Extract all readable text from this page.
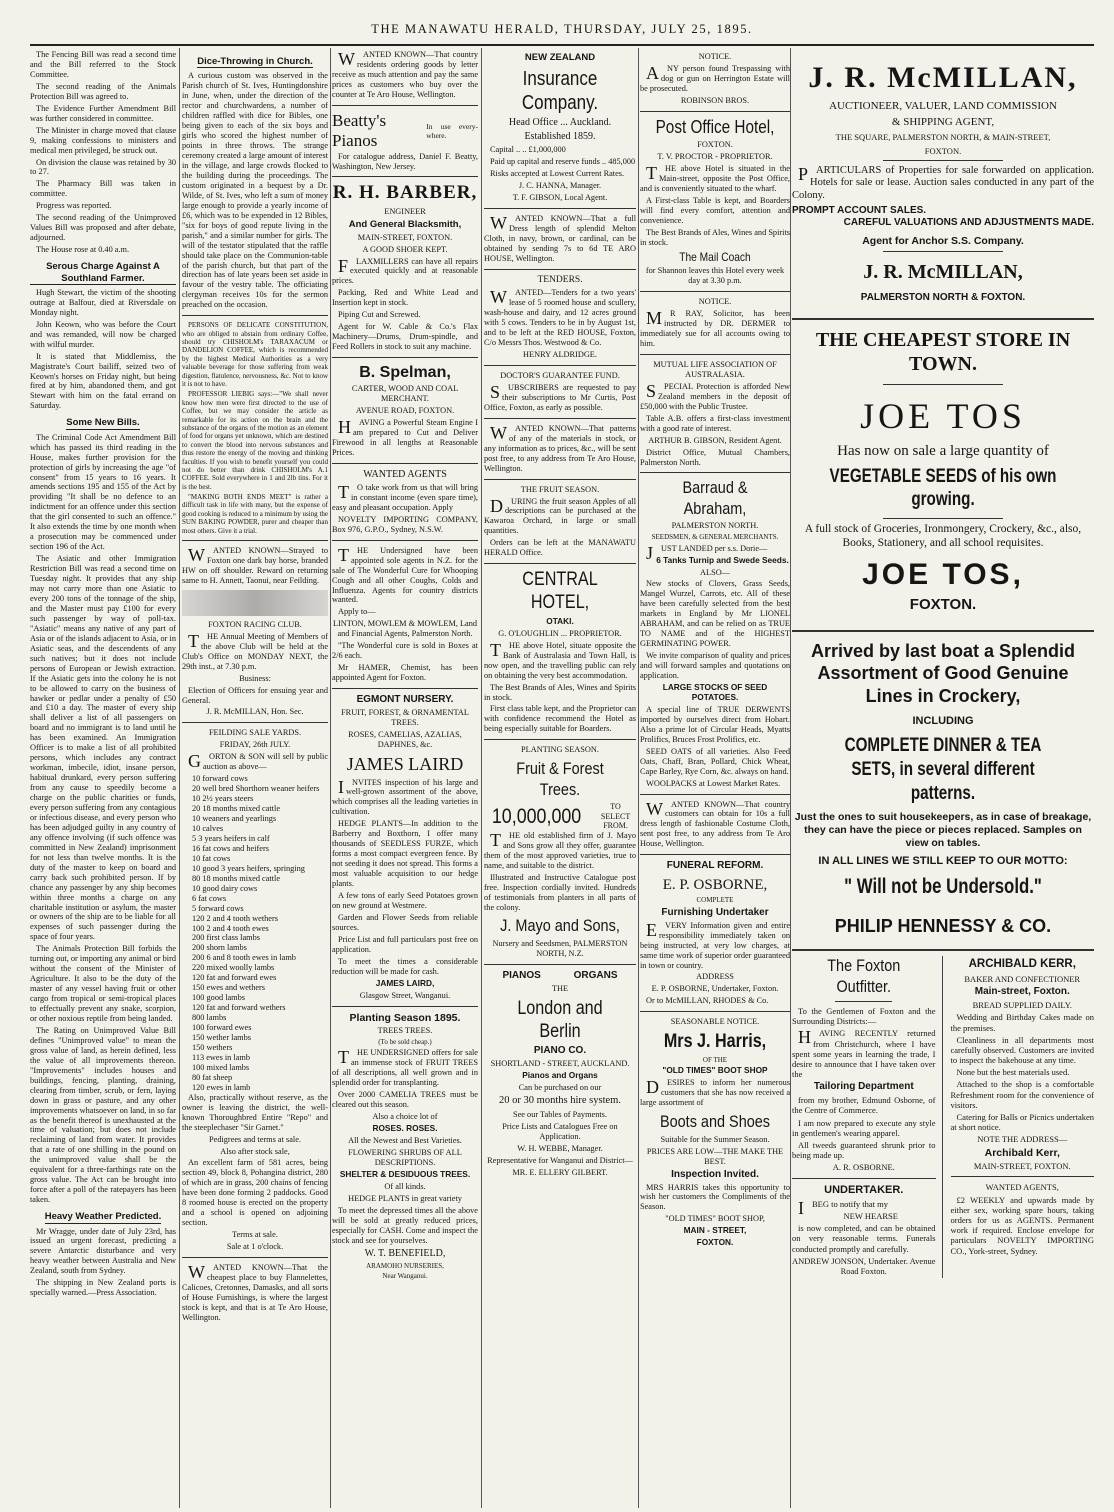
THE MANAWATU HERALD, THURSDAY, JULY 25, 1895.

The Fencing Bill was read a second time and the Bill referred to the Stock Committee.

The second reading of the Animals Protection Bill was agreed to.

The Evidence Further Amendment Bill was further considered in committee.

The Minister in charge moved that clause 9, making confessions to ministers and medical men privileged, be struck out.

On division the clause was retained by 30 to 27.

The Pharmacy Bill was taken in committee.

Progress was reported.

The second reading of the Unimproved Values Bill was proposed and after debate, adjourned.

The House rose at 0.40 a.m.

Serous Charge Against A Southland Farmer.

Hugh Stewart, the victim of the shooting outrage at Balfour, died at Riversdale on Monday night.

John Keown, who was before the Court and was remanded, will now be charged with wilful murder.

It is stated that Middlemiss, the Magistrate's Court bailiff, seized two of Keown's horses on Friday night, but being fired at by him, abandoned them, and got Stewart with him on the fatal errand on Saturday.

Some New Bills.

The Criminal Code Act Amendment Bill which has passed its third reading in the House, makes further provision for the protection of girls by increasing the age "of consent" from 15 years to 16 years. It amends sections 195 and 155 of the Act by providing "It shall be no defence to an indictment for an offence under this section that the girl consented to such an offence." It also extends the time by one month when a prosecution may be commenced under section 196 of the Act.

The Asiatic and other Immigration Restriction Bill was read a second time on Tuesday night. It provides that any ship may not carry more than one Asiatic to every 200 tons of the tonnage of the ship, and the Master must pay £100 for every such passenger by way of poll-tax. "Asiatic" means any native of any part of Asia or of the islands adjacent to Asia, or in Asiatic seas, and the descendents of any such natives; but it does not include persons of European or Jewish extraction. If the Asiatic gets into the colony he is not to be allowed to carry on the business of hawker or pedlar under a penalty of £50 and £10 a day. The master of every ship shall deliver a list of all passengers on board and no immigrant is to land until he has been examined. An Immigration Officer is to make a list of all prohibited persons, which includes any contract workman, imbecile, idiot, insane person, habitual drunkard, every person suffering from any cause to speedily become a charge on the public charities or funds, every person suffering from any contagious or infectious disease, and every person who has been adjudged guilty in any country of any offence involving (if such offence was committed in New Zealand) imprisonment for not less than twelve months. It is the duty of the master to keep on board and carry back such prohibited person. If by chance any passenger by any ship becomes within three months a charge on any charitable institution or asylum, the master or owners of the ship are to be liable for all expenses of such passenger during the space of four years.

The Animals Protection Bill forbids the turning out, or importing any animal or bird without the consent of the Minister of Agriculture. It also to be the duty of the master of any vessel having fruit or other cargo from tropical or semi-tropical places to effectually prevent any snake, scorpion, or other noxious reptile from being landed.

The Rating on Unimproved Value Bill defines "Unimproved value" to mean the gross value of land, as herein defined, less the value of all improvements thereon. "Improvements" includes houses and buildings, fencing, planting, draining, clearing from timber, scrub, or fern, laying down in grass or pasture, and any other improvements whatsoever on land, in so far as the benefit thereof is unexhausted at the time of valuation; but does not include reclaiming of land from water. It provides that a rate of one shilling in the pound on the unimproved value shall be the equivalent for a three-farthings rate on the gross value. The Act can be brought into force after a poll of the ratepayers has been taken.

Heavy Weather Predicted.

Mr Wragge, under date of July 23rd, has issued an urgent forecast, predicting a severe Antarctic disturbance and very heavy weather between Australia and New Zealand, south from Sydney.

The shipping in New Zealand ports is specially warned.—Press Association.

Dice-Throwing in Church.

A curious custom was observed in the Parish church of St. Ives, Huntingdonshire in June, when, under the direction of the rector and churchwardens, a number of children raffled with dice for Bibles, one being given to each of the six boys and girls who scored the highest number of points in three throws. The strange ceremony created a large amount of interest in the village, and large crowds flocked to the building during the proceedings. The custom originated in a bequest by a Dr. Wilde, of St. Ives, who left a sum of money large enough to provide a yearly income of £6, which was to be expended in 12 Bibles, "six for boys of good repute living in the parish," and a similar number for girls. The will of the testator stipulated that the raffle should take place on the Communion-table of the parish church, but that part of the direction has of late years been set aside in favour of the vestry table. The officiating clergyman receives 10s for the sermon preached on the occasion.

PERSONS OF DELICATE CONSTITUTION, who are obliged to abstain from ordinary Coffee, should try CHISHOLM's TARAXACUM or DANDELION COFFEE, which is recommended by the highest Medical Authorities as a very valuable beverage for those suffering from weak digestion, flatulence, nervousness, &c. Not to know it is not to have.

PROFESSOR LIEBIG says:—"We shall never know how men were first directed to the use of Coffee, but we may consider the article as remarkable for its action on the brain and the substance of the organs of the motion as an element of food for organs yet unknown, which are destined to convert the blood into nervous substances and thus restore the energy of the moving and thinking faculties. If you wish to benefit yourself you could not do better than drink CHISHOLM's A.1 COFFEE. Sold everywhere in 1 and 2lb tins. For it is the best.

"MAKING BOTH ENDS MEET" is rather a difficult task in life with many, but the expense of good cooking is reduced to a minimum by using the SUN BAKING POWDER, purer and cheaper than most others. Give it a trial.

WANTED KNOWN—Strayed to Foxton one dark bay horse, branded HW on off shoulder. Reward on returning same to H. Annett, Taonui, near Feilding.

FOXTON RACING CLUB.

THE Annual Meeting of Members of the above Club will be held at the Club's Office on MONDAY NEXT, the 29th inst., at 7.30 p.m.

Business:

Election of Officers for ensuing year and General.

J. R. McMILLAN, Hon. Sec.
FEILDING SALE YARDS.
FRIDAY, 26th JULY.

GORTON & SON will sell by public auction as above—

10 forward cows
20 well bred Shorthorn weaner heifers
10 2½ years steers
20 18 months mixed cattle
10 weaners and yearlings
10 calves
5 3 years heifers in calf
16 fat cows and heifers
10 fat cows
10 good 3 years heifers, springing
80 18 months mixed cattle
10 good dairy cows
6 fat cows
5 forward cows
120 2 and 4 tooth wethers
100 2 and 4 tooth ewes
200 first class lambs
200 shorn lambs
200 6 and 8 tooth ewes in lamb
220 mixed woolly lambs
120 fat and forward ewes
150 ewes and wethers
100 good lambs
120 fat and forward wethers
800 lambs
100 forward ewes
150 wether lambs
150 wethers
113 ewes in lamb
100 mixed lambs
80 fat sheep
120 ewes in lamb

Also, practically without reserve, as the owner is leaving the district, the well-known Thoroughbred Entire "Repo" and the steeplechaser "Sir Garnet."

Pedigrees and terms at sale.
Also after stock sale,

An excellent farm of 581 acres, being section 49, block 8, Pohangina district, 280 of which are in grass, 200 chains of fencing have been done forming 2 paddocks. Good 8 roomed house is erected on the property and a school is opened on adjoining section.

Terms at sale.
Sale at 1 o'clock.

WANTED KNOWN—That the cheapest place to buy Flannelettes, Calicoes, Cretonnes, Damasks, and all sorts of House Furnishings, is where the largest stock is kept, and that is at Te Aro House, Wellington.

WANTED KNOWN—That country residents ordering goods by letter receive as much attention and pay the same prices as customers who buy over the counter at Te Aro House, Wellington.

Beatty's Pianos
In use every-where.

For catalogue address, Daniel F. Beatty, Washington, New Jersey.

R. H. BARBER,
ENGINEER
And General Blacksmith,
MAIN-STREET, FOXTON.
A GOOD SHOER KEPT.

FLAXMILLERS can have all repairs executed quickly and at reasonable prices.

Packing, Red and White Lead and Insertion kept in stock.

Piping Cut and Screwed.

Agent for W. Cable & Co.'s Flax Machinery—Drums, Drum-spindle, and Feed Rollers in stock to suit any machine.

B. Spelman,
CARTER, WOOD AND COAL MERCHANT.
AVENUE ROAD, FOXTON.

HAVING a Powerful Steam Engine I am prepared to Cut and Deliver Firewood in all lengths at Reasonable Prices.

WANTED AGENTS

TO take work from us that will bring in constant income (even spare time), easy and pleasant occupation. Apply

NOVELTY IMPORTING COMPANY, Box 976, G.P.O., Sydney, N.S.W.

THE Undersigned have been appointed sole agents in N.Z. for the sale of The Wonderful Cure for Whooping Cough and all other Coughs, Colds and Influenza. Agents for country districts wanted.

Apply to—

LINTON, MOWLEM & MOWLEM, Land and Financial Agents, Palmerston North.

"The Wonderful cure is sold in Boxes at 2/6 each.

Mr HAMER, Chemist, has been appointed Agent for Foxton.

EGMONT NURSERY.
FRUIT, FOREST, & ORNAMENTAL TREES.
ROSES, CAMELIAS, AZALIAS, DAPHNES, &c.
JAMES LAIRD

INVITES inspection of his large and well-grown assortment of the above, which comprises all the leading varieties in cultivation.

HEDGE PLANTS—In addition to the Barberry and Boxthorn, I offer many thousands of SEEDLESS FURZE, which forms a most compact evergreen fence. By not seeding it does not spread. This forms a most valuable acquisition to our hedge plants.

A few tons of early Seed Potatoes grown on new ground at Westmere.

Garden and Flower Seeds from reliable sources.

Price List and full particulars post free on application.

To meet the times a considerable reduction will be made for cash.

JAMES LAIRD,
Glasgow Street, Wanganui.
Planting Season 1895.
TREES TREES.
(To be sold cheap.)

THE UNDERSIGNED offers for sale an immense stock of FRUIT TREES of all descriptions, all well grown and in splendid order for transplanting.

Over 2000 CAMELIA TREES must be cleared out this season.

Also a choice lot of
ROSES. ROSES.
All the Newest and Best Varieties.
FLOWERING SHRUBS OF ALL DESCRIPTIONS.
SHELTER & DESIDUOUS TREES.
Of all kinds.
HEDGE PLANTS in great variety

To meet the depressed times all the above will be sold at greatly reduced prices, especially for CASH. Come and inspect the stock and see for yourselves.

W. T. BENEFIELD,
ARAMOHO NURSERIES,
Near Wanganui.
NEW ZEALAND
Insurance Company.
Head Office ... Auckland.
Established 1859.

Capital .. .. £1,000,000

Paid up capital and reserve funds .. 485,000

Risks accepted at Lowest Current Rates.

J. C. HANNA, Manager.
T. F. GIBSON, Local Agent.

WANTED KNOWN—That a full Dress length of splendid Melton Cloth, in navy, brown, or cardinal, can be obtained by sending 7s to 6d TE ARO HOUSE, Wellington.

TENDERS.

WANTED—Tenders for a two years' lease of 5 roomed house and scullery, wash-house and dairy, and 12 acres ground with 5 cows. Tenders to be in by August 1st, and to be left at the RED HOUSE, Foxton, C/o Messrs Thos. Westwood & Co.

HENRY ALDRIDGE.
DOCTOR'S GUARANTEE FUND.

SUBSCRIBERS are requested to pay their subscriptions to Mr Curtis, Post Office, Foxton, as early as possible.

WANTED KNOWN—That patterns of any of the materials in stock, or any information as to prices, &c., will be sent post free, to any address from Te Aro House, Wellington.

THE FRUIT SEASON.

DURING the fruit season Apples of all descriptions can be purchased at the Kawaroa Orchard, in large or small quantities.

Orders can be left at the MANAWATU HERALD Office.

CENTRAL HOTEL,
OTAKI.
G. O'LOUGHLIN ... PROPRIETOR.

THE above Hotel, situate opposite the Bank of Australasia and Town Hall, is now open, and the travelling public can rely on obtaining the very best accommodation.

The Best Brands of Ales, Wines and Spirits in stock.

First class table kept, and the Proprietor can with confidence recommend the Hotel as being especially suitable for Boarders.

PLANTING SEASON.
Fruit & Forest Trees.
10,000,000	TO SELECT FROM.

THE old established firm of J. Mayo and Sons grow all they offer, guarantee them of the most approved varieties, true to name, and suitable to the district.

Illustrated and Instructive Catalogue post free. Inspection cordially invited. Hundreds of testimonials from planters in all parts of the colony.

J. Mayo and Sons,
Nursery and Seedsmen, PALMERSTON NORTH, N.Z.
PIANOS ORGANS
THE
London and Berlin
PIANO CO.
SHORTLAND - STREET, AUCKLAND.
Pianos and Organs
Can be purchased on our
20 or 30 months hire system.
See our Tables of Payments.
Price Lists and Catalogues Free on Application.
W. H. WEBBE, Manager.
Representative for Wanganui and District—
MR. E. ELLERY GILBERT.
NOTICE.

ANY person found Trespassing with dog or gun on Herrington Estate will be prosecuted.

ROBINSON BROS.
Post Office Hotel,
FOXTON.
T. V. PROCTOR - PROPRIETOR.

THE above Hotel is situated in the Main-street, opposite the Post Office, and is conveniently situated to the wharf.

A First-class Table is kept, and Boarders will find every comfort, attention and convenience.

The Best Brands of Ales, Wines and Spirits in stock.

The Mail Coach
for Shannon leaves this Hotel every week day at 3.30 p.m.
NOTICE.

MR RAY, Solicitor, has been instructed by DR. DERMER to immediately sue for all accounts owing to him.

MUTUAL LIFE ASSOCIATION OF AUSTRALASIA.

SPECIAL Protection is afforded New Zealand members in the deposit of £50,000 with the Public Trustee.

Table A.B. offers a first-class investment with a good rate of interest.

ARTHUR B. GIBSON, Resident Agent.

District Office, Mutual Chambers, Palmerston North.

Barraud & Abraham,
PALMERSTON NORTH.
SEEDSMEN, & GENERAL MERCHANTS.

JUST LANDED per s.s. Dorie—

6 Tanks Turnip and Swede Seeds.
ALSO—

New stocks of Clovers, Grass Seeds, Mangel Wurzel, Carrots, etc. All of these have been carefully selected from the best markets in England by Mr LIONEL ABRAHAM, and can be relied on as TRUE TO NAME and of the HIGHEST GERMINATING POWER.

We invite comparison of quality and prices and will forward samples and quotations on application.

LARGE STOCKS OF SEED POTATOES.

A special line of TRUE DERWENTS imported by ourselves direct from Hobart. Also a prime lot of Circular Heads, Myatts Prolifics, Bruces Frost Prolifics, etc.

SEED OATS of all varieties. Also Feed Oats, Chaff, Bran, Pollard, Chick Wheat, Cape Barley, Rye Corn, &c. always on hand.

WOOLPACKS at Lowest Market Rates.

WANTED KNOWN—That country customers can obtain for 10s a full dress length of fashionable Costume Cloth, sent post free, to any address from Te Aro House, Wellington.

FUNERAL REFORM.
E. P. OSBORNE,
COMPLETE
Furnishing Undertaker

EVERY Information given and entire responsibility immediately taken on being instructed, at very low charges, at same time work of superior order guaranteed in town or country.

ADDRESS
E. P. OSBORNE, Undertaker, Foxton.

Or to McMILLAN, RHODES & Co.

SEASONABLE NOTICE.
Mrs J. Harris,
OF THE
"OLD TIMES" BOOT SHOP

DESIRES to inform her numerous customers that she has now received a large assortment of

Boots and Shoes
Suitable for the Summer Season.
PRICES ARE LOW—THE MAKE THE BEST.
Inspection Invited.

MRS HARRIS takes this opportunity to wish her customers the Compliments of the Season.

"OLD TIMES" BOOT SHOP,
MAIN - STREET,
FOXTON.
J. R. McMILLAN,
AUCTIONEER, VALUER, LAND COMMISSION
& SHIPPING AGENT,
THE SQUARE, PALMERSTON NORTH, & MAIN-STREET,
FOXTON.

PARTICULARS of Properties for sale forwarded on application. Hotels for sale or lease. Auction sales conducted in any part of the Colony.

PROMPT ACCOUNT SALES.
CAREFUL VALUATIONS AND ADJUSTMENTS MADE.
Agent for Anchor S.S. Company.
J. R. McMILLAN,
PALMERSTON NORTH & FOXTON.
THE CHEAPEST STORE IN TOWN.
JOE TOS
Has now on sale a large quantity of
VEGETABLE SEEDS of his own growing.
A full stock of Groceries, Ironmongery, Crockery, &c., also, Books, Stationery, and all school requisites.
JOE TOS,
FOXTON.
Arrived by last boat a Splendid Assortment of Good Genuine Lines in Crockery,
INCLUDING
COMPLETE DINNER & TEA SETS, in several different patterns.
Just the ones to suit housekeepers, as in case of breakage, they can have the piece or pieces replaced. Samples on view on tables.
IN ALL LINES WE STILL KEEP TO OUR MOTTO:
" Will not be Undersold."
PHILIP HENNESSY & CO.
The Foxton Outfitter.

To the Gentlemen of Foxton and the Surrounding Districts:—

HAVING RECENTLY returned from Christchurch, where I have spent some years in learning the trade, I desire to announce that I have taken over the

Tailoring Department

from my brother, Edmund Osborne, of the Centre of Commerce.

I am now prepared to execute any style in gentlemen's wearing apparel.

All tweeds guaranteed shrunk prior to being made up.

A. R. OSBORNE.
UNDERTAKER.

IBEG to notify that my

NEW HEARSE

is now completed, and can be obtained on very reasonable terms. Funerals conducted promptly and carefully.

ANDREW JONSON, Undertaker. Avenue Road Foxton.
ARCHIBALD KERR,
BAKER AND CONFECTIONER
Main-street, Foxton.
BREAD SUPPLIED DAILY.

Wedding and Birthday Cakes made on the premises.

Cleanliness in all departments most carefully observed. Customers are invited to inspect the bakehouse at any time.

None but the best materials used.

Attached to the shop is a comfortable Refreshment room for the convenience of visitors.

Catering for Balls or Picnics undertaken at short notice.

NOTE THE ADDRESS—
Archibald Kerr,
MAIN-STREET, FOXTON.
WANTED AGENTS,

£2 WEEKLY and upwards made by either sex, working spare hours, taking orders for us as AGENTS. Permanent work if required. Enclose envelope for particulars NOVELTY IMPORTING CO., York-street, Sydney.
